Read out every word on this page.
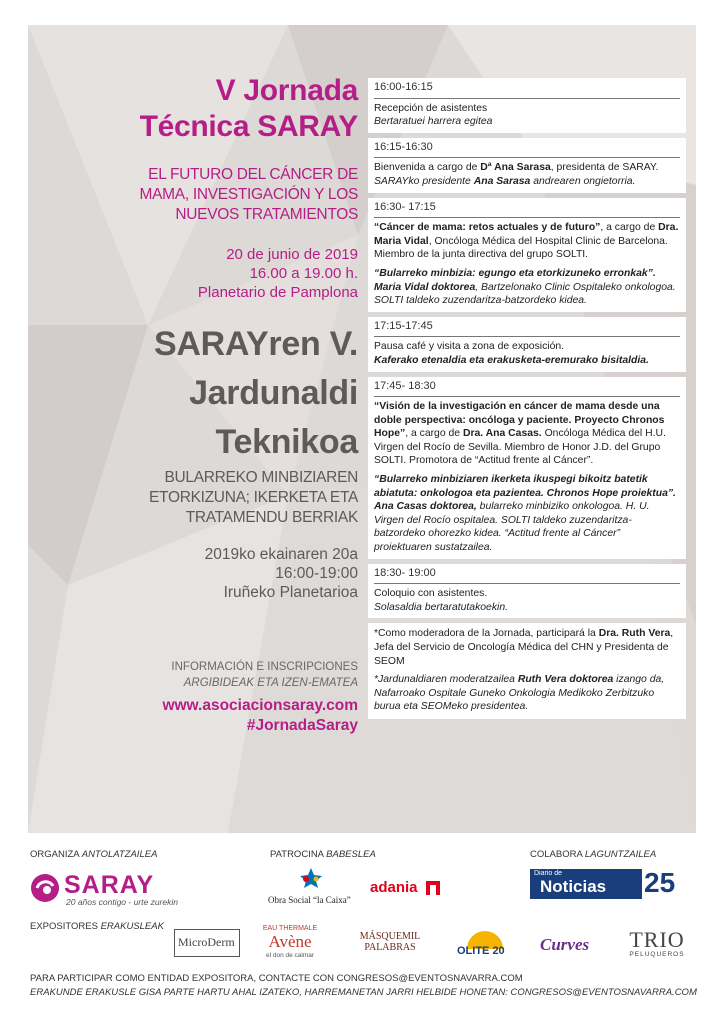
V Jornada
Técnica SARAY
EL FUTURO DEL CÁNCER DE
MAMA, INVESTIGACIÓN Y LOS
NUEVOS TRATAMIENTOS
20 de junio de 2019
16.00 a 19.00 h.
Planetario de Pamplona
SARAYren V.
Jardunaldi
Teknikoa
BULARREKO MINBIZIAREN
ETORKIZUNA; IKERKETA ETA
TRATAMENDU BERRIAK
2019ko ekainaren 20a
16:00-19:00
Iruñeko Planetarioa
INFORMACIÓN E INSCRIPCIONES
ARGIBIDEAK ETA IZEN-EMATEA
www.asociacionsaray.com
#JornadaSaray
16:00-16:15
Recepción de asistentes
Bertaratuei harrera egitea
16:15-16:30
Bienvenida a cargo de Dª Ana Sarasa, presidenta de SARAY. SARAYko presidente Ana Sarasa andrearen ongietorria.
16:30- 17:15
“Cáncer de mama: retos actuales y de futuro”, a cargo de Dra. Maria Vidal, Oncóloga Médica del Hospital Clinic de Barcelona. Miembro de la junta directiva del grupo SOLTI.
“Bularreko minbizia: egungo eta etorkizuneko erronkak”. Maria Vidal doktorea, Bartzelonako Clinic Ospitaleko onkologoa. SOLTI taldeko zuzendaritza-batzordeko kidea.
17:15-17:45
Pausa café y visita a zona de exposición.
Kaferako etenaldia eta erakusketa-eremurako bisitaldia.
17:45- 18:30
“Visión de la investigación en cáncer de mama desde una doble perspectiva: oncóloga y paciente. Proyecto Chronos Hope”, a cargo de Dra. Ana Casas. Oncóloga Médica del H.U. Virgen del Rocío de Sevilla. Miembro de Honor J.D. del Grupo SOLTI. Promotora de “Actitud frente al Cáncer”.
“Bularreko minbiziaren ikerketa ikuspegi bikoitz batetik abiatuta: onkologoa eta pazientea. Chronos Hope proiektua”. Ana Casas doktorea, bularreko minbiziko onkologoa. H. U. Virgen del Rocío ospitalea. SOLTI taldeko zuzendaritza-batzordeko ohorezko kidea. “Actitud frente al Cáncer” proiektuaren sustatzailea.
18:30- 19:00
Coloquio con asistentes.
Solasaldia bertaratutakoekin.
*Como moderadora de la Jornada, participará la Dra. Ruth Vera, Jefa del Servicio de Oncología Médica del CHN y Presidenta de SEOM
*Jardunaldiaren moderatzailea Ruth Vera doktorea izango da, Nafarroako Ospitale Guneko Onkologia Medikoko Zerbitzuko burua eta SEOMeko presidentea.
ORGANIZA ANTOLATZAILEA	PATROCINA BABESLEA	COLABORA LAGUNTZAILEA
SARAY
20 años contigo - urte zurekin	Obra Social “la Caixa”
adania
Diario de
Noticias 25
EXPOSITORES ERAKUSLEAK
MicroDerm
EAU THERMALE
Avène
el don de calmar
MÁSQUEMIL
PALABRAS	OLITE 20 Curves	TRIO
PELUQUEROS
PARA PARTICIPAR COMO ENTIDAD EXPOSITORA, CONTACTE CON CONGRESOS@EVENTOSNAVARRA.COM
ERAKUNDE ERAKUSLE GISA PARTE HARTU AHAL IZATEKO, HARREMANETAN JARRI HELBIDE HONETAN: CONGRESOS@EVENTOSNAVARRA.COM
